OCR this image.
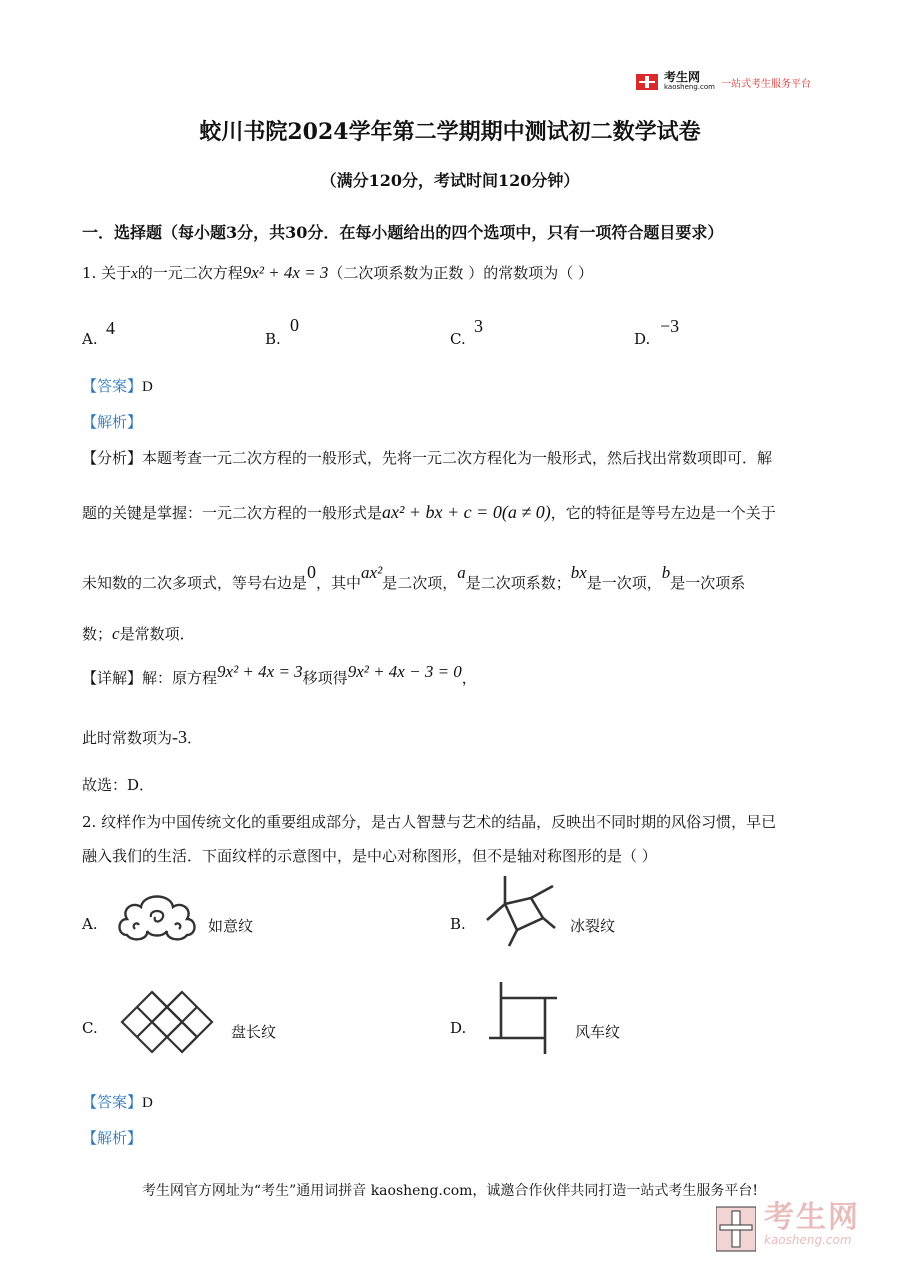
考生网
kaosheng.com 一站式考生服务平台
蛟川书院2024学年第二学期期中测试初二数学试卷
（满分120分，考试时间120分钟）
一．选择题（每小题3分，共30分．在每小题给出的四个选项中，只有一项符合题目要求）
1. 关于x的一元二次方程9x² + 4x = 3（二次项系数为正数 ）的常数项为（ ）
A.
4
B.
0
C.
3
D.
−3
【答案】D
【解析】
【分析】本题考查一元二次方程的一般形式，先将一元二次方程化为一般形式，然后找出常数项即可．解
题的关键是掌握：一元二次方程的一般形式是ax² + bx + c = 0(a ≠ 0)，它的特征是等号左边是一个关于
未知数的二次多项式，等号右边是0，其中ax²是二次项，a是二次项系数；bx是一次项，b是一次项系
数；c是常数项．
【详解】解：原方程9x² + 4x = 3移项得9x² + 4x − 3 = 0，
此时常数项为-3．
故选：D．
2. 纹样作为中国传统文化的重要组成部分，是古人智慧与艺术的结晶，反映出不同时期的风俗习惯，早已
融入我们的生活．下面纹样的示意图中，是中心对称图形，但不是轴对称图形的是（ ）
A.	如意纹	B.	冰裂纹
C.	盘长纹	D.	风车纹
【答案】D
【解析】
考生网官方网址为“考生”通用词拼音 kaosheng.com，诚邀合作伙伴共同打造一站式考生服务平台!
考生网
kaosheng.com
